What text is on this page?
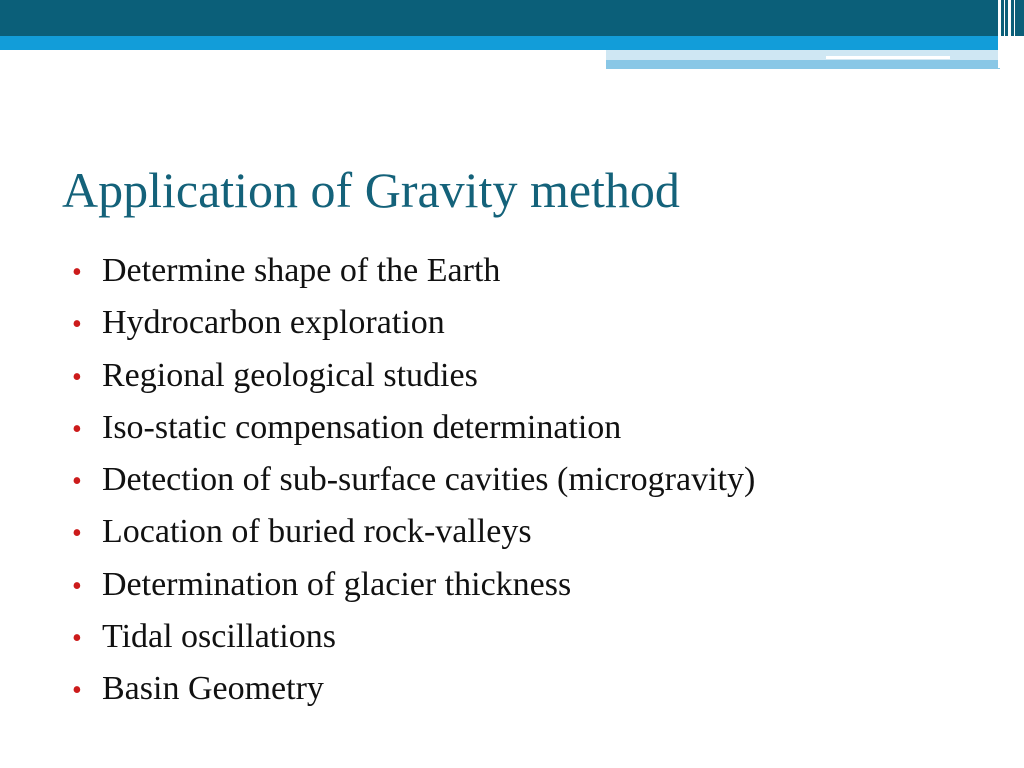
Application of Gravity method
• Determine shape of the Earth
• Hydrocarbon exploration
• Regional geological studies
• Iso-static compensation determination
• Detection of sub-surface cavities (microgravity)
• Location of buried rock-valleys
• Determination of glacier thickness
• Tidal oscillations
• Basin Geometry
